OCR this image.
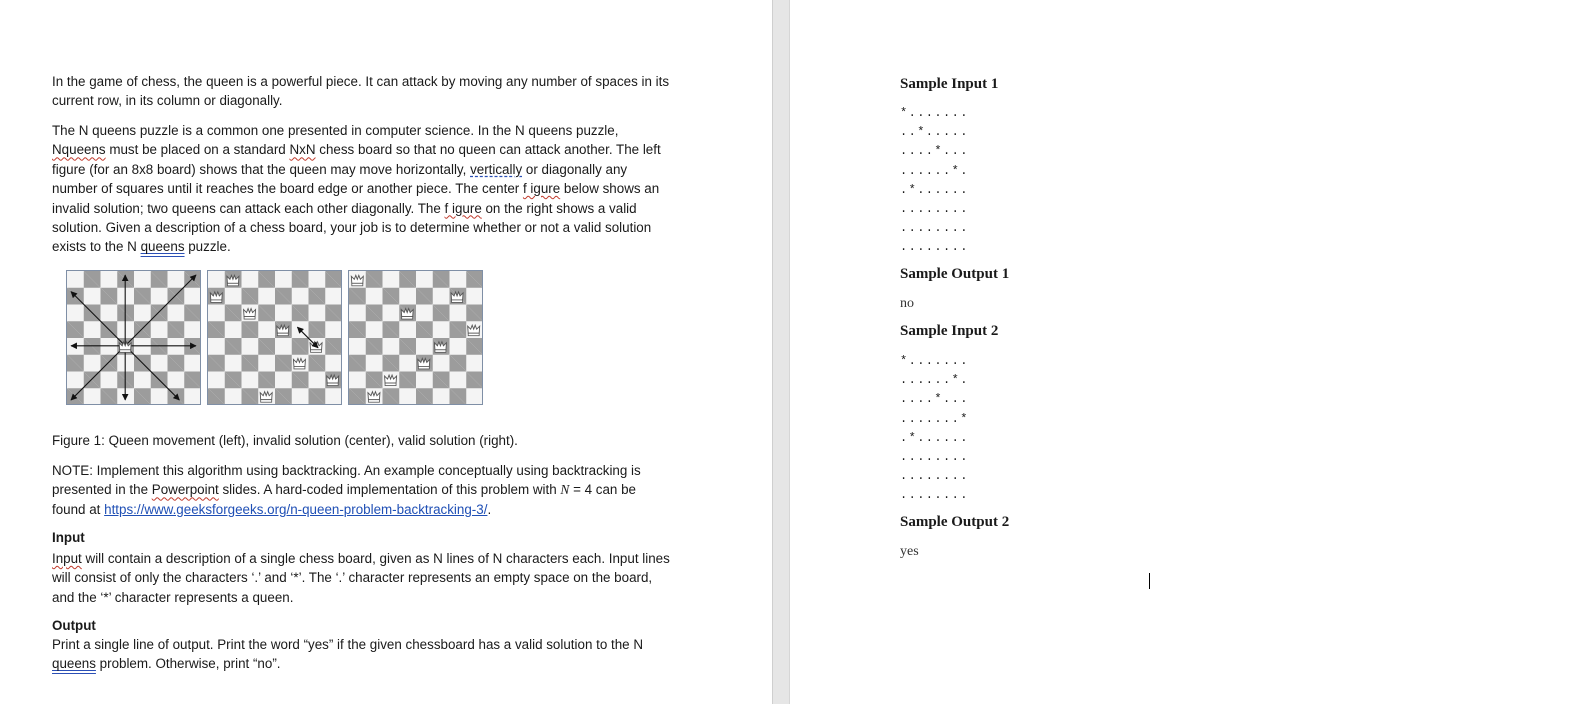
In the game of chess, the queen is a powerful piece. It can attack by moving any number of spaces in its current row, in its column or diagonally.

The N queens puzzle is a common one presented in computer science. In the N queens puzzle, Nqueens must be placed on a standard NxN chess board so that no queen can attack another. The left figure (for an 8x8 board) shows that the queen may move horizontally, vertically or diagonally any number of squares until it reaches the board edge or another piece. The center f igure below shows an invalid solution; two queens can attack each other diagonally. The f igure on the right shows a valid solution. Given a description of a chess board, your job is to determine whether or not a valid solution exists to the N queens puzzle.

Figure 1: Queen movement (left), invalid solution (center), valid solution (right).

NOTE: Implement this algorithm using backtracking. An example conceptually using backtracking is presented in the Powerpoint slides. A hard-coded implementation of this problem with N = 4 can be found at https://www.geeksforgeeks.org/n-queen-problem-backtracking-3/.

Input

Input will contain a description of a single chess board, given as N lines of N characters each. Input lines will consist of only the characters ‘.’ and ‘*’. The ‘.’ character represents an empty space on the board, and the ‘*’ character represents a queen.

Output

Print a single line of output. Print the word “yes” if the given chessboard has a valid solution to the N queens problem. Otherwise, print “no”.

Sample Input 1
*.......
..*.....
....*...
......*.
.*......
........
........
........
Sample Output 1
no
Sample Input 2
*.......
......*.
....*...
.......*
.*......
........
........
........
Sample Output 2
yes
